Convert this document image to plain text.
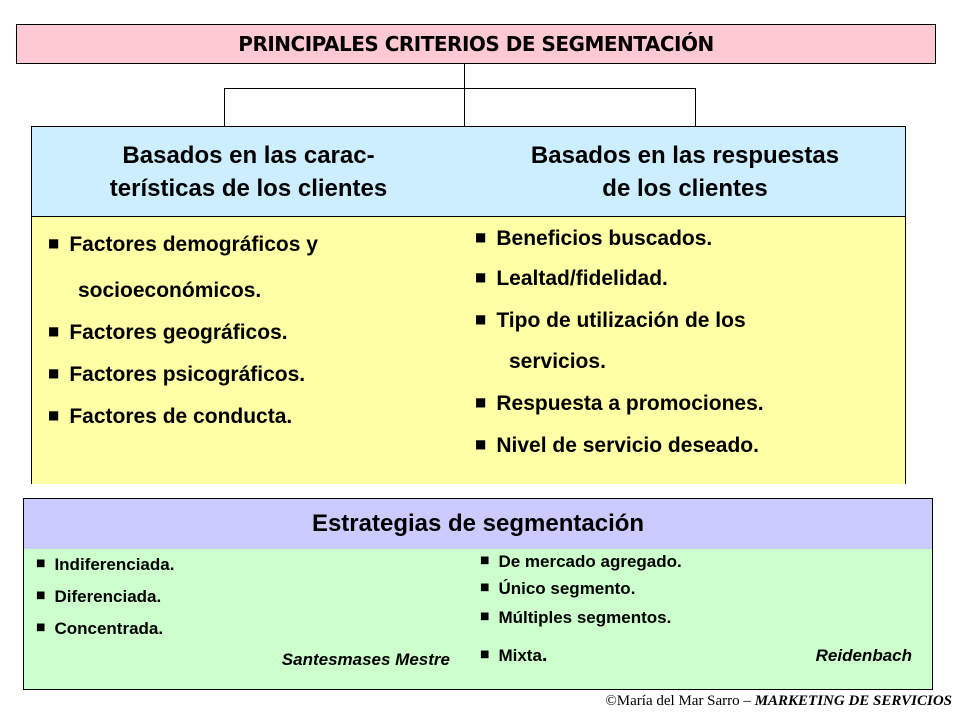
PRINCIPALES CRITERIOS DE SEGMENTACIÓN
Basados en las carac-
terísticas de los clientes
Basados en las respuestas
de los clientes
■ Factores demográficos y
socioeconómicos.
■ Factores geográficos.
■ Factores psicográficos.
■ Factores de conducta.
■ Beneficios buscados.
■ Lealtad/fidelidad.
■ Tipo de utilización de los
servicios.
■ Respuesta a promociones.
■ Nivel de servicio deseado.
Estrategias de segmentación
■ Indiferenciada.
■ Diferenciada.
■ Concentrada.
Santesmases Mestre
■ De mercado agregado.
■ Único segmento.
■ Múltiples segmentos.
■ Mixta.	Reidenbach
©María del Mar Sarro – MARKETING DE SERVICIOS
